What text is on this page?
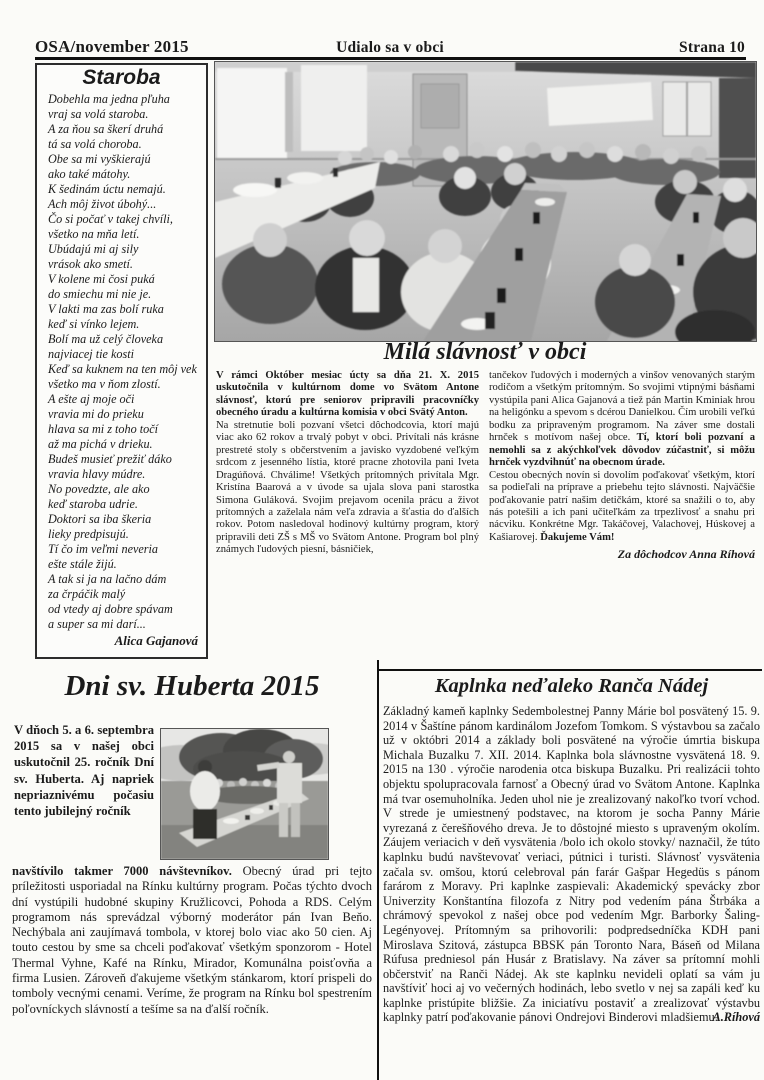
OSA/november 2015	Udialo sa v obci	Strana 10
Staroba
Dobehla ma jedna pľuha
vraj sa volá staroba.
A za ňou sa škerí druhá
tá sa volá choroba.
Obe sa mi vyškierajú
ako také mátohy.
K šedinám úctu nemajú.
Ach môj život úbohý...
Čo si počať v takej chvíli,
všetko na mňa letí.
Ubúdajú mi aj sily
vrások ako smetí.
V kolene mi čosi puká
do smiechu mi nie je.
V lakti ma zas bolí ruka
keď si vínko lejem.
Bolí ma už celý človeka
najviacej tie kosti
Keď sa kuknem na ten môj vek
všetko ma v ňom zlostí.
A ešte aj moje oči
vravia mi do prieku
hlava sa mi z toho točí
až ma pichá v drieku.
Budeš musieť prežiť dáko
vravia hlavy múdre.
No povedzte, ale ako
keď staroba udrie.
Doktori sa iba škeria
lieky predpisujú.
Tí čo im veľmi neveria
ešte stále žijú.
A tak si ja na lačno dám
za črpáčik malý
od vtedy aj dobre spávam
a super sa mi darí...
Alica Gajanová
Milá slávnosť v obci
V rámci Október mesiac úcty sa dňa 21. X. 2015 uskutočnila v kultúrnom dome vo Svätom Antone slávnosť, ktorú pre seniorov pripravili pracovníčky obecného úradu a kultúrna komisia v obci Svätý Anton.
Na stretnutie boli pozvaní všetci dôchodcovia, ktorí majú viac ako 62 rokov a trvalý pobyt v obci. Privítali nás krásne prestreté stoly s občerstvením a javisko vyzdobené veľkým srdcom z jesenného lístia, ktoré pracne zhotovila pani Iveta Dragúňová. Chválime! Všetkých prítomných privítala Mgr. Kristína Baarová a v úvode sa ujala slova pani starostka Simona Guláková. Svojim prejavom ocenila prácu a život prítomných a zaželala nám veľa zdravia a šťastia do ďalších rokov. Potom nasledoval hodinový kultúrny program, ktorý pripravili deti ZŠ s MŠ vo Svätom Antone. Program bol plný známych ľudových piesní, básničiek,
tančekov ľudových i moderných a vinšov venovaných starým rodičom a všetkým prítomným. So svojimi vtipnými básňami vystúpila pani Alica Gajanová a tiež pán Martin Kminiak hrou na heligónku a spevom s dcérou Danielkou. Čím urobili veľkú bodku za pripraveným programom. Na záver sme dostali hrnček s motívom našej obce. Tí, ktorí boli pozvaní a nemohli sa z akýchkoľvek dôvodov zúčastniť, si môžu hrnček vyzdvihnúť na obecnom úrade.
Cestou obecných novín si dovolím poďakovať všetkým, ktorí sa podieľali na príprave a priebehu tejto slávnosti. Najväčšie poďakovanie patrí našim detičkám, ktoré sa snažili o to, aby nás potešili a ich pani učiteľkám za trpezlivosť a snahu pri nácviku. Konkrétne Mgr. Takáčovej, Valachovej, Húskovej a Kašiarovej. Ďakujeme Vám!
Za dôchodcov Anna Ríhová
Dni sv. Huberta 2015
V dňoch 5. a 6. septembra 2015 sa v našej obci uskutočnil 25. ročník Dní sv. Huberta. Aj napriek nepriaznivému počasiu tento jubilejný ročník
navštívilo takmer 7000 návštevníkov. Obecný úrad pri tejto príležitosti usporiadal na Rínku kultúrny program. Počas týchto dvoch dní vystúpili hudobné skupiny Kružlicovci, Pohoda a RDS. Celým programom nás sprevádzal výborný moderátor pán Ivan Beňo. Nechýbala ani zaujímavá tombola, v ktorej bolo viac ako 50 cien. Aj touto cestou by sme sa chceli poďakovať všetkým sponzorom - Hotel Thermal Vyhne, Kafé na Rínku, Mirador, Komunálna poisťovňa a firma Lusien. Zároveň ďakujeme všetkým stánkarom, ktorí prispeli do tomboly vecnými cenami. Veríme, že program na Rínku bol spestrením poľovníckych slávností a tešíme sa na ďalší ročník.
Kaplnka neďaleko Ranča Nádej
Základný kameň kaplnky Sedembolestnej Panny Márie bol posvätený 15. 9. 2014 v Šaštíne pánom kardinálom Jozefom Tomkom. S výstavbou sa začalo už v októbri 2014 a základy boli posvätené na výročie úmrtia biskupa Michala Buzalku 7. XII. 2014. Kaplnka bola slávnostne vysvätená 18. 9. 2015 na 130 . výročie narodenia otca biskupa Buzalku. Pri realizácii tohto objektu spolupracovala farnosť a Obecný úrad vo Svätom Antone. Kaplnka má tvar osemuholníka. Jeden uhol nie je zrealizovaný nakoľko tvorí vchod. V strede je umiestnený podstavec, na ktorom je socha Panny Márie vyrezaná z čerešňového dreva. Je to dôstojné miesto s upraveným okolím. Záujem veriacich v deň vysvätenia /bolo ich okolo stovky/ naznačil, že túto kaplnku budú navštevovať veriaci, pútnici i turisti. Slávnosť vysvätenia začala sv. omšou, ktorú celebroval pán farár Gašpar Hegedüs s pánom farárom z Moravy. Pri kaplnke zaspievali: Akademický spevácky zbor Univerzity Konštantína filozofa z Nitry pod vedením pána Štrbáka a chrámový spevokol z našej obce pod vedením Mgr. Barborky Šaling-Legényovej. Prítomným sa prihovorili: podpredsedníčka KDH pani Miroslava Szitová, zástupca BBSK pán Toronto Nara, Báseň od Milana Rúfusa predniesol pán Husár z Bratislavy. Na záver sa prítomní mohli občerstviť na Ranči Nádej. Ak ste kaplnku nevideli oplatí sa vám ju navštíviť hoci aj vo večerných hodinách, lebo svetlo v nej sa zapáli keď ku kaplnke pristúpite bližšie. Za iniciatívu postaviť a zrealizovať výstavbu kaplnky patrí poďakovanie pánovi Ondrejovi Binderovi mladšiemu.
A.Ríhová
